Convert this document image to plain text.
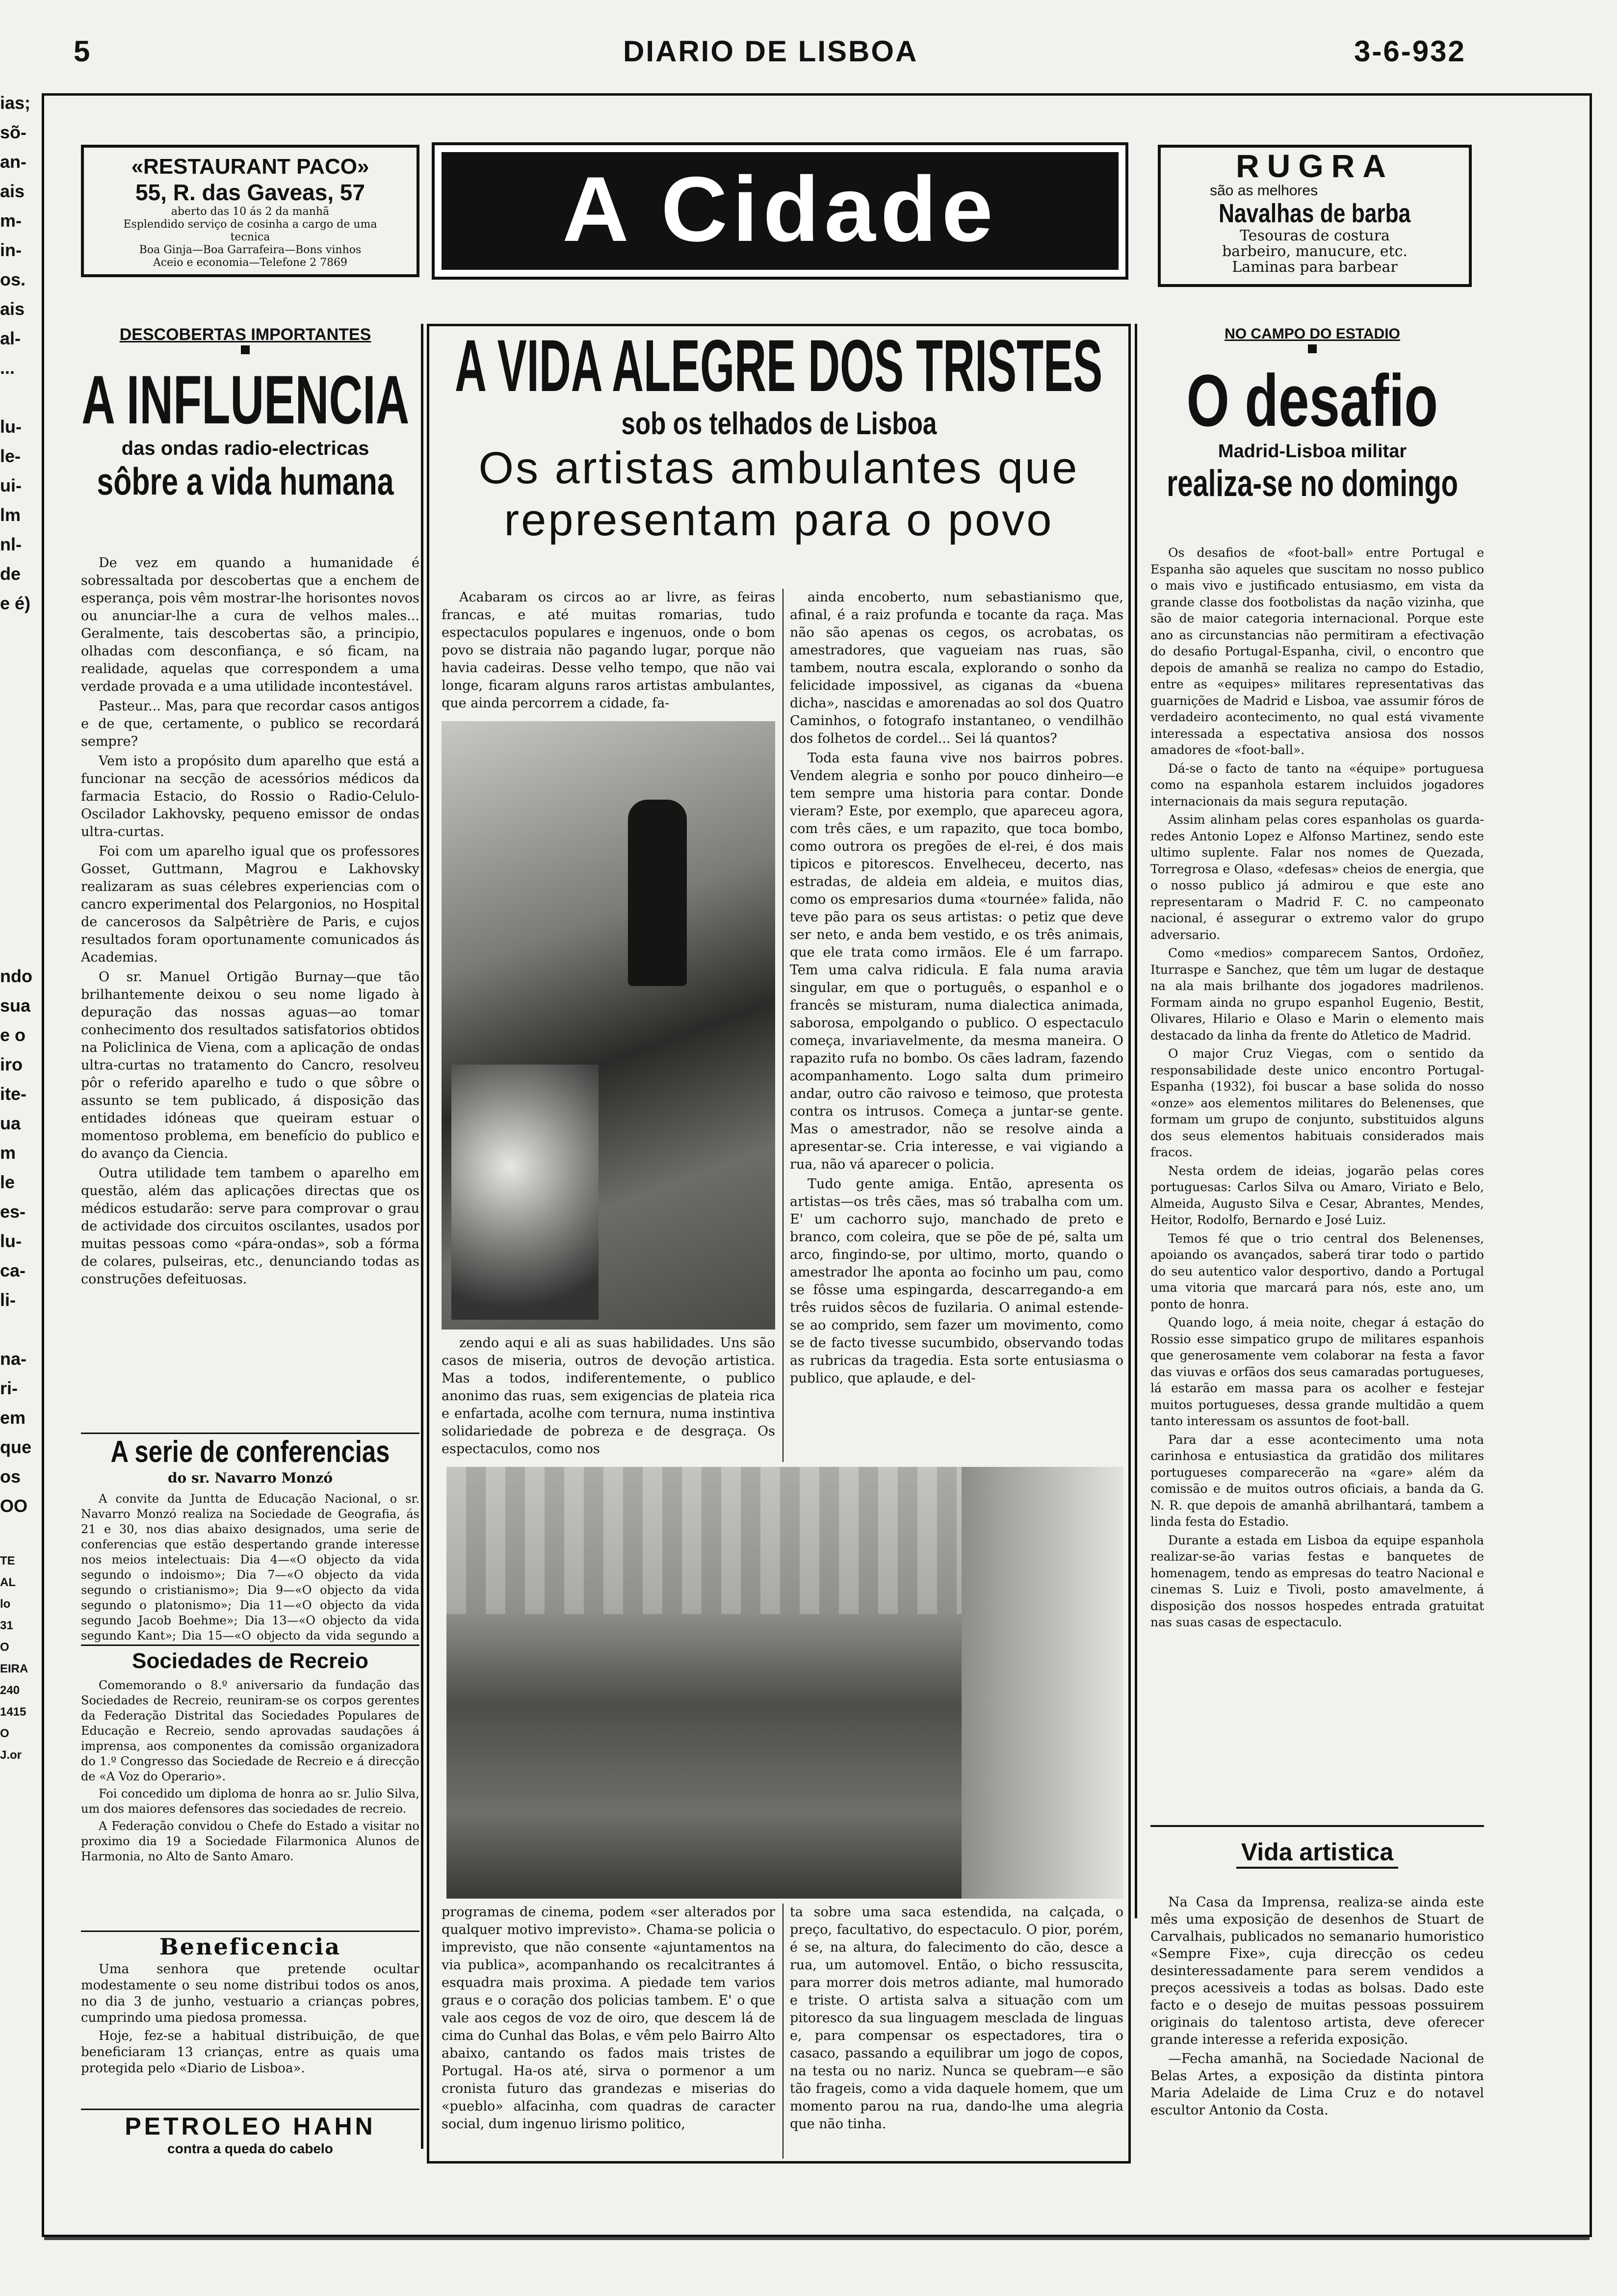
5	DIARIO DE LISBOA	3-6-932
ias;
sõ-
an-
ais
m-
in-
os.
ais
al-
...
lu-
le-
ui-
lm
nl-
de
e é)
ndo
sua
e o
iro
ite-
ua
m
le
es-
lu-
ca-
li-
na-
ri-
em
que
os
OO
TE
AL
lo
31
O
EIRA
240
1415
O
J.or
«RESTAURANT PACO»
55, R. das Gaveas, 57
aberto das 10 ás 2 da manhã
Esplendido serviço de cosinha a cargo de uma tecnica
Boa Ginja—Boa Garrafeira—Bons vinhos
Aceio e economia—Telefone 2 7869
A Cidade	RUGRA
são as melhores
Navalhas de barba
Tesouras de costura
barbeiro, manucure, etc.
Laminas para barbear
DESCOBERTAS IMPORTANTES
A INFLUENCIA
das ondas radio-electricas
sôbre a vida humana

De vez em quando a humanidade é sobressaltada por descobertas que a enchem de esperança, pois vêm mostrar-lhe horisontes novos ou anunciar-lhe a cura de velhos males... Geralmente, tais descobertas são, a principio, olhadas com desconfiança, e só ficam, na realidade, aquelas que correspondem a uma verdade provada e a uma utilidade incontestável.

Pasteur... Mas, para que recordar casos antigos e de que, certamente, o publico se recordará sempre?

Vem isto a propósito dum aparelho que está a funcionar na secção de acessórios médicos da farmacia Estacio, do Rossio o Radio-Celulo-Oscilador Lakhovsky, pequeno emissor de ondas ultra-curtas.

Foi com um aparelho igual que os professores Gosset, Guttmann, Magrou e Lakhovsky realizaram as suas célebres experiencias com o cancro experimental dos Pelargonios, no Hospital de cancerosos da Salpêtrière de Paris, e cujos resultados foram oportunamente comunicados ás Academias.

O sr. Manuel Ortigão Burnay—que tão brilhantemente deixou o seu nome ligado à depuração das nossas aguas—ao tomar conhecimento dos resultados satisfatorios obtidos na Policlinica de Viena, com a aplicação de ondas ultra-curtas no tratamento do Cancro, resolveu pôr o referido aparelho e tudo o que sôbre o assunto se tem publicado, á disposição das entidades idóneas que queiram estuar o momentoso problema, em benefício do publico e do avanço da Ciencia.

Outra utilidade tem tambem o aparelho em questão, além das aplicações directas que os médicos estudarão: serve para comprovar o grau de actividade dos circuitos oscilantes, usados por muitas pessoas como «pára-ondas», sob a fórma de colares, pulseiras, etc., denunciando todas as construções defeituosas.

A serie de conferencias
do sr. Navarro Monzó

A convite da Juntta de Educação Nacional, o sr. Navarro Monzó realiza na Sociedade de Geografia, ás 21 e 30, nos dias abaixo designados, uma serie de conferencias que estão despertando grande interesse nos meios intelectuais: Dia 4—«O objecto da vida segundo o indoismo»; Dia 7—«O objecto da vida segundo o cristianismo»; Dia 9—«O objecto da vida segundo o platonismo»; Dia 11—«O objecto da vida segundo Jacob Boehme»; Dia 13—«O objecto da vida segundo Kant»; Dia 15—«O objecto da vida segundo a

Sociedades de Recreio

Comemorando o 8.º aniversario da fundação das Sociedades de Recreio, reuniram-se os corpos gerentes da Federação Distrital das Sociedades Populares de Educação e Recreio, sendo aprovadas saudações á imprensa, aos componentes da comissão organizadora do 1.º Congresso das Sociedade de Recreio e á direcção de «A Voz do Operario».

Foi concedido um diploma de honra ao sr. Julio Silva, um dos maiores defensores das sociedades de recreio.

A Federação convidou o Chefe do Estado a visitar no proximo dia 19 a Sociedade Filarmonica Alunos de Harmonia, no Alto de Santo Amaro.

Beneficencia

Uma senhora que pretende ocultar modestamente o seu nome distribui todos os anos, no dia 3 de junho, vestuario a crianças pobres, cumprindo uma piedosa promessa.

Hoje, fez-se a habitual distribuição, de que beneficiaram 13 crianças, entre as quais uma protegida pelo «Diario de Lisboa».

PETROLEO HAHN
contra a queda do cabelo
A VIDA ALEGRE DOS TRISTES sob os telhados de Lisboa
Os artistas ambulantes que representam para o povo

Acabaram os circos ao ar livre, as feiras francas, e até muitas romarias, tudo espectaculos populares e ingenuos, onde o bom povo se distraia não pagando lugar, porque não havia cadeiras. Desse velho tempo, que não vai longe, ficaram alguns raros artistas ambulantes, que ainda percorrem a cidade, fa-

zendo aqui e ali as suas habilidades. Uns são casos de miseria, outros de devoção artistica. Mas a todos, indiferentemente, o publico anonimo das ruas, sem exigencias de plateia rica e enfartada, acolhe com ternura, numa instintiva solidariedade de pobreza e de desgraça. Os espectaculos, como nos

ainda encoberto, num sebastianismo que, afinal, é a raiz profunda e tocante da raça. Mas não são apenas os cegos, os acrobatas, os amestradores, que vagueiam nas ruas, são tambem, noutra escala, explorando o sonho da felicidade impossivel, as ciganas da «buena dicha», nascidas e amorenadas ao sol dos Quatro Caminhos, o fotografo instantaneo, o vendilhão dos folhetos de cordel... Sei lá quantos?

Toda esta fauna vive nos bairros pobres. Vendem alegria e sonho por pouco dinheiro—e tem sempre uma historia para contar. Donde vieram? Este, por exemplo, que apareceu agora, com três cães, e um rapazito, que toca bombo, como outrora os pregões de el-rei, é dos mais tipicos e pitorescos. Envelheceu, decerto, nas estradas, de aldeia em aldeia, e muitos dias, como os empresarios duma «tournée» falida, não teve pão para os seus artistas: o petiz que deve ser neto, e anda bem vestido, e os três animais, que ele trata como irmãos. Ele é um farrapo. Tem uma calva ridicula. E fala numa aravia singular, em que o português, o espanhol e o francês se misturam, numa dialectica animada, saborosa, empolgando o publico. O espectaculo começa, invariavelmente, da mesma maneira. O rapazito rufa no bombo. Os cães ladram, fazendo acompanhamento. Logo salta dum primeiro andar, outro cão raivoso e teimoso, que protesta contra os intrusos. Começa a juntar-se gente. Mas o amestrador, não se resolve ainda a apresentar-se. Cria interesse, e vai vigiando a rua, não vá aparecer o policia.

Tudo gente amiga. Então, apresenta os artistas—os três cães, mas só trabalha com um. E' um cachorro sujo, manchado de preto e branco, com coleira, que se põe de pé, salta um arco, fingindo-se, por ultimo, morto, quando o amestrador lhe aponta ao focinho um pau, como se fôsse uma espingarda, descarregando-a em três ruidos sêcos de fuzilaria. O animal estende-se ao comprido, sem fazer um movimento, como se de facto tivesse sucumbido, observando todas as rubricas da tragedia. Esta sorte entusiasma o publico, que aplaude, e del-

programas de cinema, podem «ser alterados por qualquer motivo imprevisto». Chama-se policia o imprevisto, que não consente «ajuntamentos na via publica», acompanhando os recalcitrantes á esquadra mais proxima. A piedade tem varios graus e o coração dos policias tambem. E' o que vale aos cegos de voz de oiro, que descem lá de cima do Cunhal das Bolas, e vêm pelo Bairro Alto abaixo, cantando os fados mais tristes de Portugal. Ha-os até, sirva o pormenor a um cronista futuro das grandezas e miserias do «pueblo» alfacinha, com quadras de caracter social, dum ingenuo lirismo politico,

ta sobre uma saca estendida, na calçada, o preço, facultativo, do espectaculo. O pior, porém, é se, na altura, do falecimento do cão, desce a rua, um automovel. Então, o bicho ressuscita, para morrer dois metros adiante, mal humorado e triste. O artista salva a situação com um pitoresco da sua linguagem mesclada de linguas e, para compensar os espectadores, tira o casaco, passando a equilibrar um jogo de copos, na testa ou no nariz. Nunca se quebram—e são tão frageis, como a vida daquele homem, que um momento parou na rua, dando-lhe uma alegria que não tinha.

NO CAMPO DO ESTADIO
O desafio
Madrid-Lisboa militar
realiza-se no domingo

Os desafios de «foot-ball» entre Portugal e Espanha são aqueles que suscitam no nosso publico o mais vivo e justificado entusiasmo, em vista da grande classe dos footbolistas da nação vizinha, que são de maior categoria internacional. Porque este ano as circunstancias não permitiram a efectivação do desafio Portugal-Espanha, civil, o encontro que depois de amanhã se realiza no campo do Estadio, entre as «equipes» militares representativas das guarnições de Madrid e Lisboa, vae assumir fóros de verdadeiro acontecimento, no qual está vivamente interessada a espectativa ansiosa dos nossos amadores de «foot-ball».

Dá-se o facto de tanto na «équipe» portuguesa como na espanhola estarem incluidos jogadores internacionais da mais segura reputação.

Assim alinham pelas cores espanholas os guarda-redes Antonio Lopez e Alfonso Martinez, sendo este ultimo suplente. Falar nos nomes de Quezada, Torregrosa e Olaso, «defesas» cheios de energia, que o nosso publico já admirou e que este ano representaram o Madrid F. C. no campeonato nacional, é assegurar o extremo valor do grupo adversario.

Como «medios» comparecem Santos, Ordoñez, Iturraspe e Sanchez, que têm um lugar de destaque na ala mais brilhante dos jogadores madrilenos. Formam ainda no grupo espanhol Eugenio, Bestit, Olivares, Hilario e Olaso e Marin o elemento mais destacado da linha da frente do Atletico de Madrid.

O major Cruz Viegas, com o sentido da responsabilidade deste unico encontro Portugal-Espanha (1932), foi buscar a base solida do nosso «onze» aos elementos militares do Belenenses, que formam um grupo de conjunto, substituidos alguns dos seus elementos habituais considerados mais fracos.

Nesta ordem de ideias, jogarão pelas cores portuguesas: Carlos Silva ou Amaro, Viriato e Belo, Almeida, Augusto Silva e Cesar, Abrantes, Mendes, Heitor, Rodolfo, Bernardo e José Luiz.

Temos fé que o trio central dos Belenenses, apoiando os avançados, saberá tirar todo o partido do seu autentico valor desportivo, dando a Portugal uma vitoria que marcará para nós, este ano, um ponto de honra.

Quando logo, á meia noite, chegar á estação do Rossio esse simpatico grupo de militares espanhois que generosamente vem colaborar na festa a favor das viuvas e orfãos dos seus camaradas portugueses, lá estarão em massa para os acolher e festejar muitos portugueses, dessa grande multidão a quem tanto interessam os assuntos de foot-ball.

Para dar a esse acontecimento uma nota carinhosa e entusiastica da gratidão dos militares portugueses comparecerão na «gare» além da comissão e de muitos outros oficiais, a banda da G. N. R. que depois de amanhã abrilhantará, tambem a linda festa do Estadio.

Durante a estada em Lisboa da equipe espanhola realizar-se-ão varias festas e banquetes de homenagem, tendo as empresas do teatro Nacional e cinemas S. Luiz e Tivoli, posto amavelmente, á disposição dos nossos hospedes entrada gratuitat nas suas casas de espectaculo.

Vida artistica

Na Casa da Imprensa, realiza-se ainda este mês uma exposição de desenhos de Stuart de Carvalhais, publicados no semanario humoristico «Sempre Fixe», cuja direcção os cedeu desinteressadamente para serem vendidos a preços acessiveis a todas as bolsas. Dado este facto e o desejo de muitas pessoas possuirem originais do talentoso artista, deve oferecer grande interesse a referida exposição.

—Fecha amanhã, na Sociedade Nacional de Belas Artes, a exposição da distinta pintora Maria Adelaide de Lima Cruz e do notavel escultor Antonio da Costa.
